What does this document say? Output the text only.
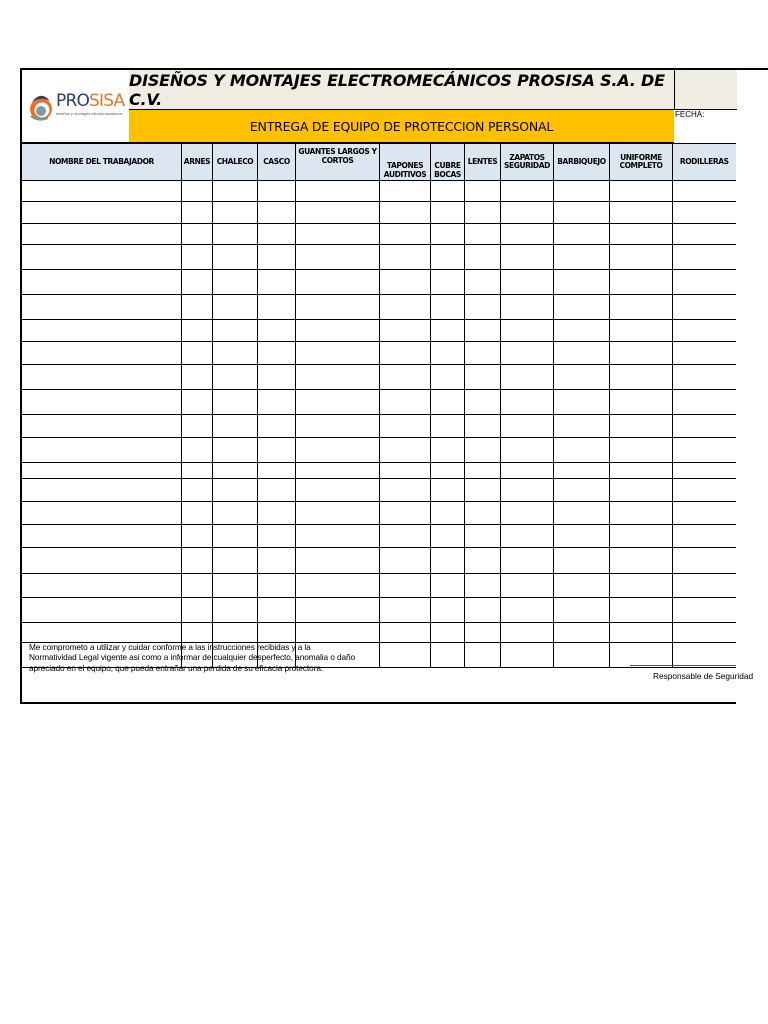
PROSISA
diseños y montajes electromecánicos
DISEÑOS Y MONTAJES ELECTROMECÁNICOS PROSISA S.A. DE C.V.
ENTREGA DE EQUIPO DE PROTECCION PERSONAL
FECHA:
NOMBRE DEL TRABAJADOR	ARNES	CHALECO	CASCO	GUANTES LARGOS Y CORTOS	TAPONES AUDITIVOS	CUBRE BOCAS	LENTES	ZAPATOS SEGURIDAD	BARBIQUEJO	UNIFORME COMPLETO	RODILLERAS

Me comprometo a utilizar y cuidar conforme a las instrucciones recibidas y a la
Normatividad Legal vigente asi como a informar de cualquier desperfecto, anomalia o daño
apreciado en el equipo, que pueda entrañar una perdida de su eficacia protectora.
Responsable de Seguridad
